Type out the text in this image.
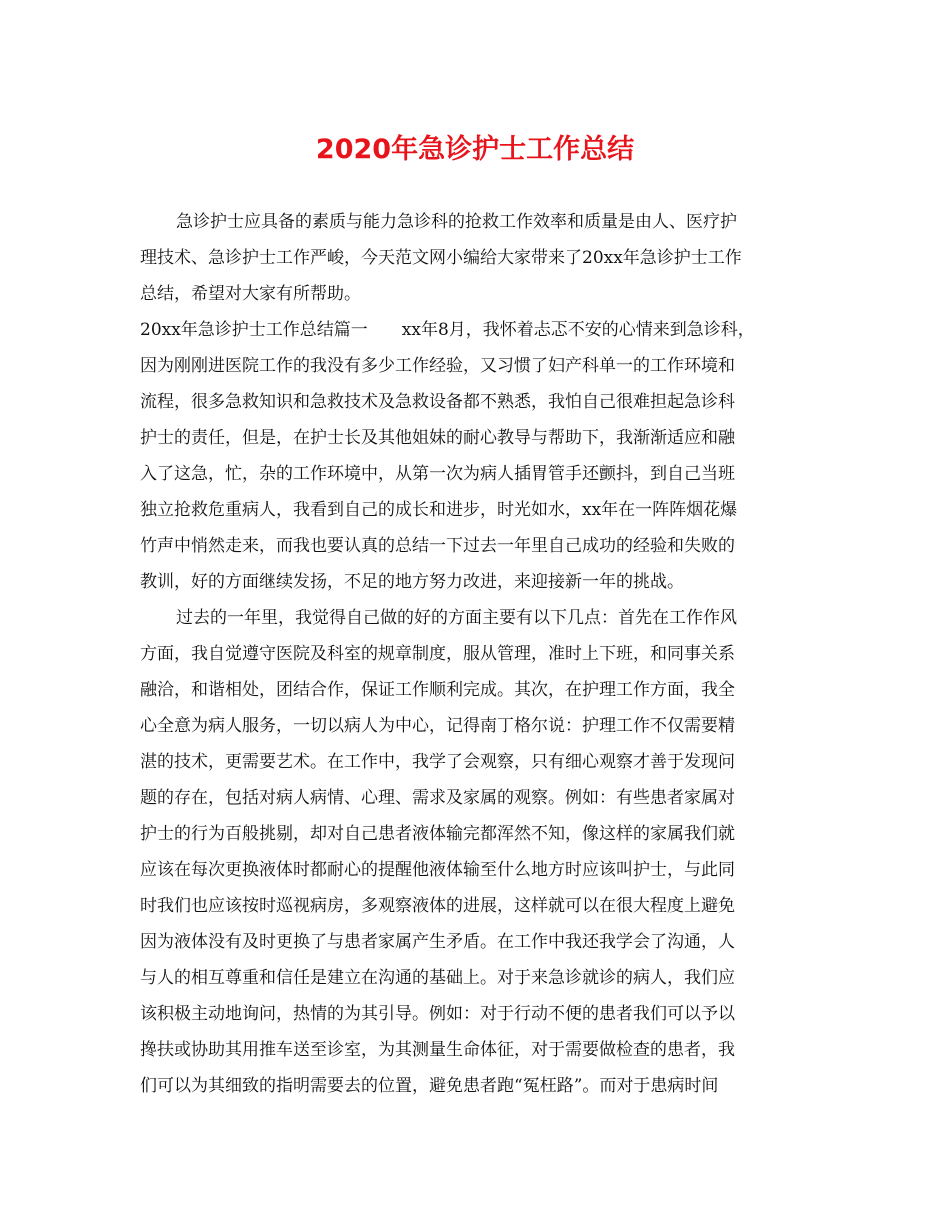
2020年急诊护士工作总结
急诊护士应具备的素质与能力急诊科的抢救工作效率和质量是由人、医疗护
理技术、急诊护士工作严峻，今天范文网小编给大家带来了20xx年急诊护士工作
总结，希望对大家有所帮助。
20xx年急诊护士工作总结篇一　　xx年8月，我怀着忐忑不安的心情来到急诊科，
因为刚刚进医院工作的我没有多少工作经验，又习惯了妇产科单一的工作环境和
流程，很多急救知识和急救技术及急救设备都不熟悉，我怕自己很难担起急诊科
护士的责任，但是，在护士长及其他姐妹的耐心教导与帮助下，我渐渐适应和融
入了这急，忙，杂的工作环境中，从第一次为病人插胃管手还颤抖，到自己当班
独立抢救危重病人，我看到自己的成长和进步，时光如水，xx年在一阵阵烟花爆
竹声中悄然走来，而我也要认真的总结一下过去一年里自己成功的经验和失败的
教训，好的方面继续发扬，不足的地方努力改进，来迎接新一年的挑战。
过去的一年里，我觉得自己做的好的方面主要有以下几点：首先在工作作风
方面，我自觉遵守医院及科室的规章制度，服从管理，准时上下班，和同事关系
融洽，和谐相处，团结合作，保证工作顺利完成。其次，在护理工作方面，我全
心全意为病人服务，一切以病人为中心，记得南丁格尔说：护理工作不仅需要精
湛的技术，更需要艺术。在工作中，我学了会观察，只有细心观察才善于发现问
题的存在，包括对病人病情、心理、需求及家属的观察。例如：有些患者家属对
护士的行为百般挑剔，却对自己患者液体输完都浑然不知，像这样的家属我们就
应该在每次更换液体时都耐心的提醒他液体输至什么地方时应该叫护士，与此同
时我们也应该按时巡视病房，多观察液体的进展，这样就可以在很大程度上避免
因为液体没有及时更换了与患者家属产生矛盾。在工作中我还我学会了沟通，人
与人的相互尊重和信任是建立在沟通的基础上。对于来急诊就诊的病人，我们应
该积极主动地询问，热情的为其引导。例如：对于行动不便的患者我们可以予以
搀扶或协助其用推车送至诊室，为其测量生命体征，对于需要做检查的患者，我
们可以为其细致的指明需要去的位置，避免患者跑“冤枉路”。而对于患病时间
